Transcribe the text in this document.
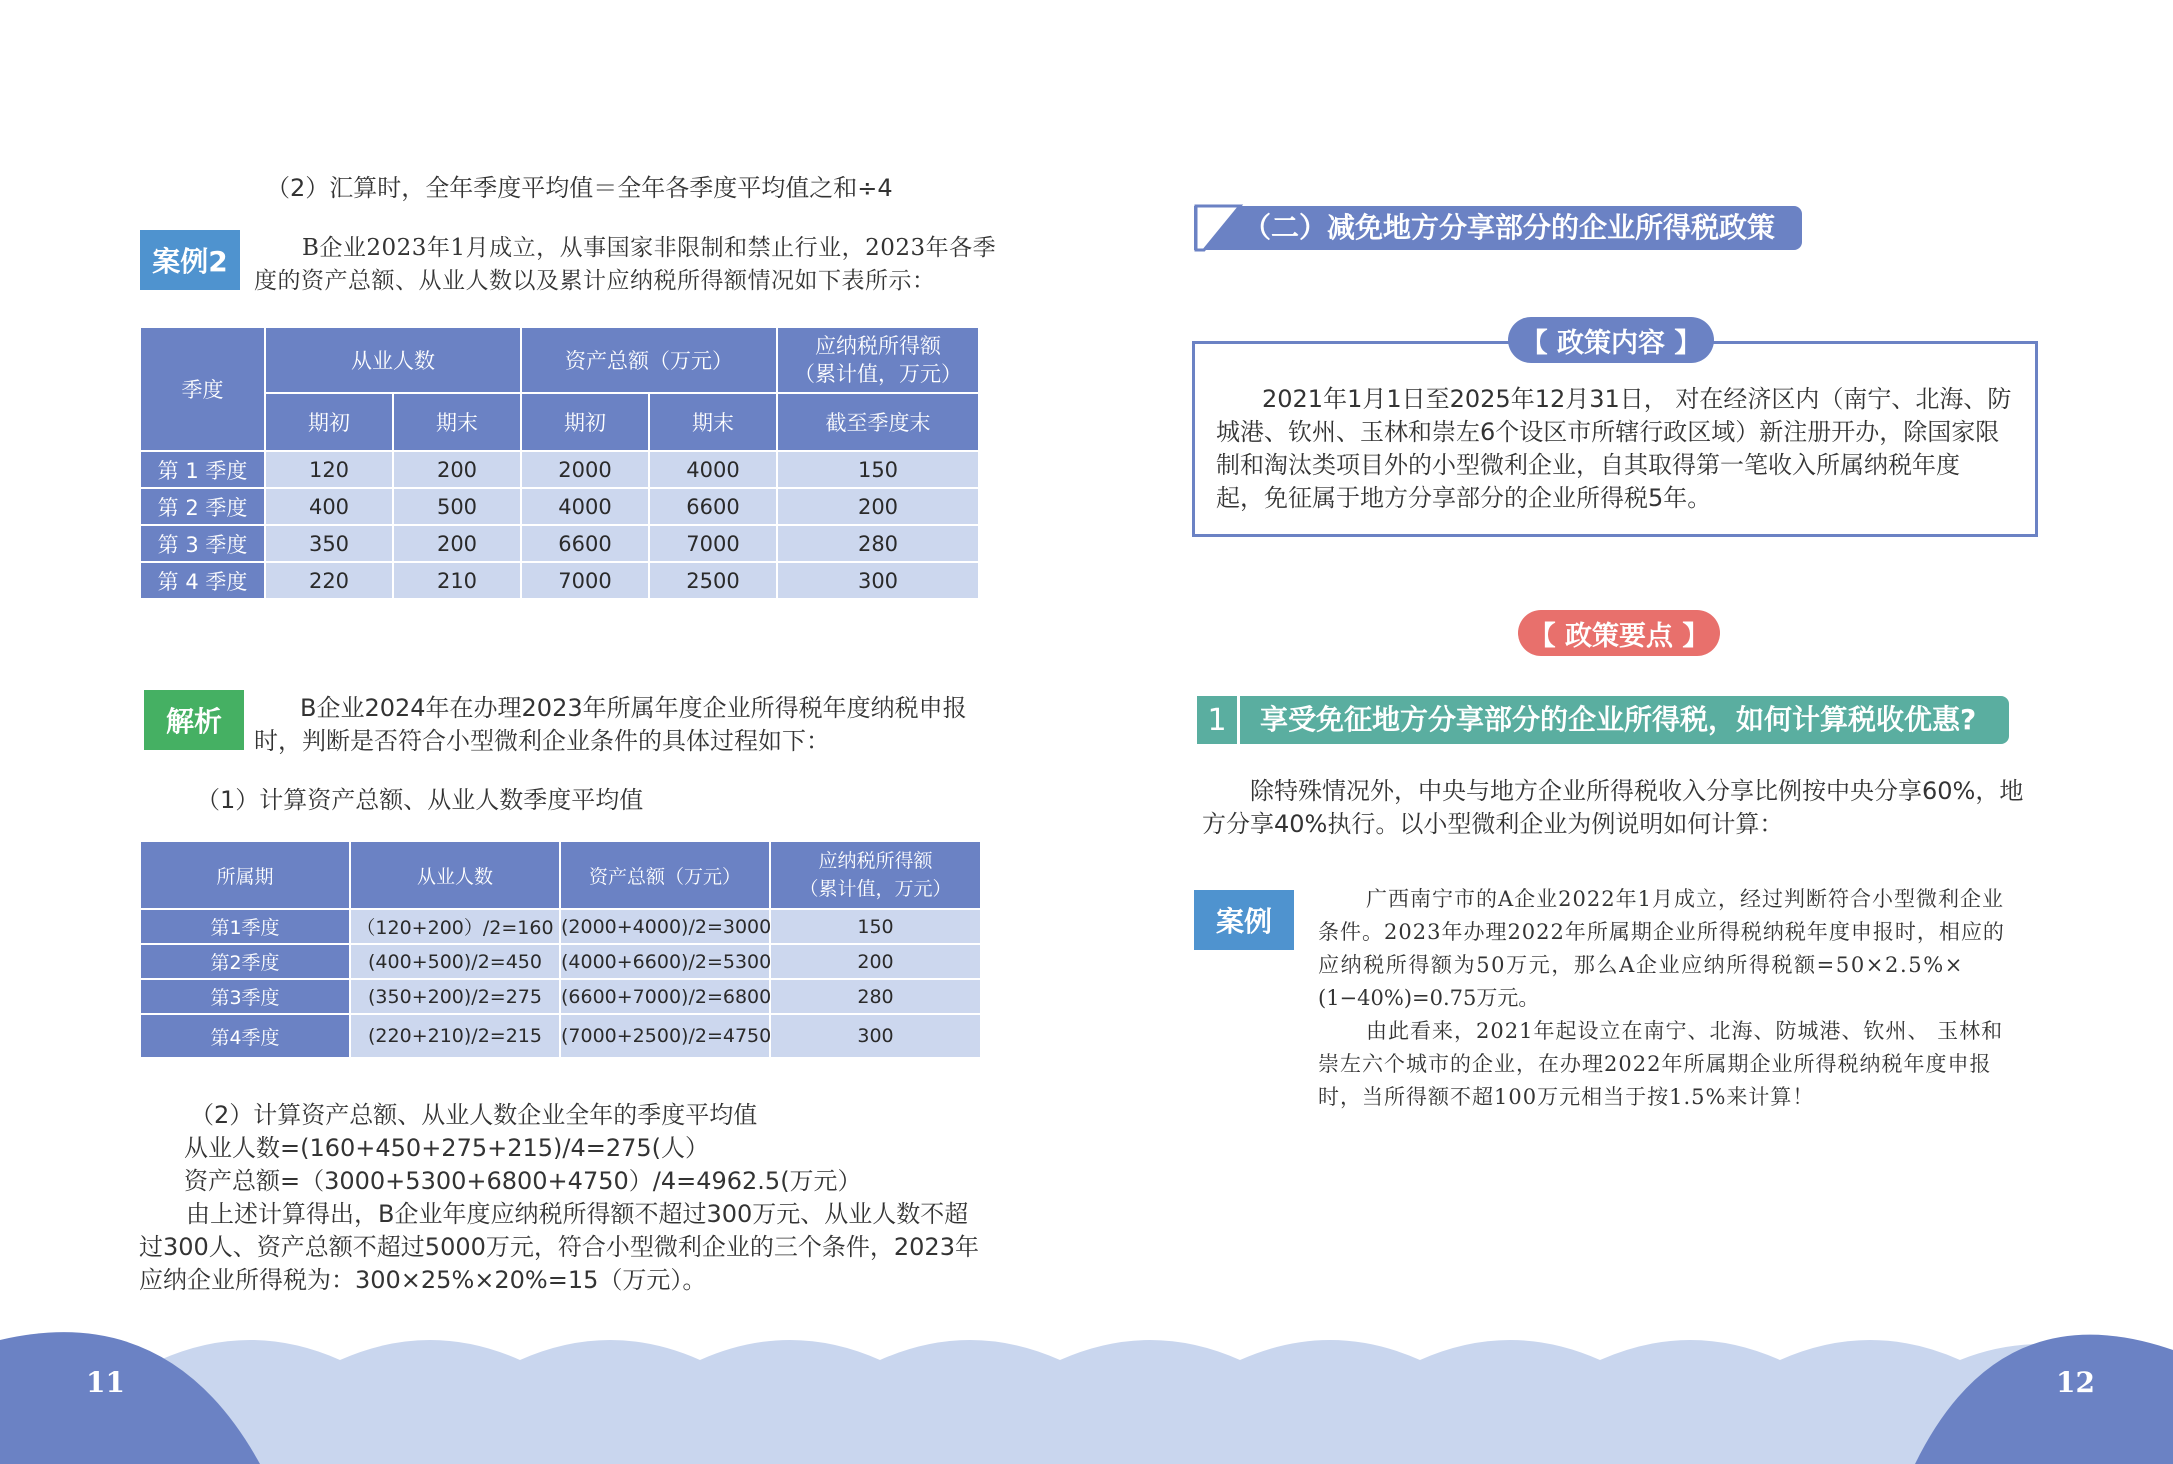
（2）汇算时，全年季度平均值＝全年各季度平均值之和÷4
案例2	B企业2023年1月成立，从事国家非限制和禁止行业，2023年各季
度的资产总额、从业人数以及累计应纳税所得额情况如下表所示：
季度	从业人数		资产总额（万元）		应纳税所得额
（累计值，万元）
	期初	期末	期初	期末	截至季度末
第 1 季度	120	200	2000	4000	150
第 2 季度	400	500	4000	6600	200
第 3 季度	350	200	6600	7000	280
第 4 季度	220	210	7000	2500	300
解析	B企业2024年在办理2023年所属年度企业所得税年度纳税申报
时，判断是否符合小型微利企业条件的具体过程如下：
（1）计算资产总额、从业人数季度平均值
所属期	从业人数	资产总额（万元）	应纳税所得额
（累计值，万元）
第1季度	（120+200）/2=160	(2000+4000)/2=3000	150
第2季度	(400+500)/2=450	(4000+6600)/2=5300	200
第3季度	(350+200)/2=275	(6600+7000)/2=6800	280
第4季度	(220+210)/2=215	(7000+2500)/2=4750	300
（2）计算资产总额、从业人数企业全年的季度平均值
从业人数=(160+450+275+215)/4=275(人）
资产总额=（3000+5300+6800+4750）/4=4962.5(万元）
由上述计算得出，B企业年度应纳税所得额不超过300万元、从业人数不超
过300人、资产总额不超过5000万元，符合小型微利企业的三个条件，2023年
应纳企业所得税为：300×25%×20%=15（万元）。
（二）减免地方分享部分的企业所得税政策
【 政策内容 】
2021年1月1日至2025年12月31日， 对在经济区内（南宁、北海、防
城港、钦州、玉林和崇左6个设区市所辖行政区域）新注册开办，除国家限
制和淘汰类项目外的小型微利企业，自其取得第一笔收入所属纳税年度
起，免征属于地方分享部分的企业所得税5年。
【 政策要点 】
1	享受免征地方分享部分的企业所得税，如何计算税收优惠?
除特殊情况外，中央与地方企业所得税收入分享比例按中央分享60%，地
方分享40%执行。以小型微利企业为例说明如何计算：
案例
广西南宁市的A企业2022年1月成立，经过判断符合小型微利企业
条件。2023年办理2022年所属期企业所得税纳税年度申报时，相应的
应纳税所得额为50万元，那么A企业应纳所得税额=50×2.5%×
(1−40%)=0.75万元。
由此看来，2021年起设立在南宁、北海、防城港、钦州、 玉林和
崇左六个城市的企业，在办理2022年所属期企业所得税纳税年度申报
时，当所得额不超100万元相当于按1.5%来计算！
11	12
